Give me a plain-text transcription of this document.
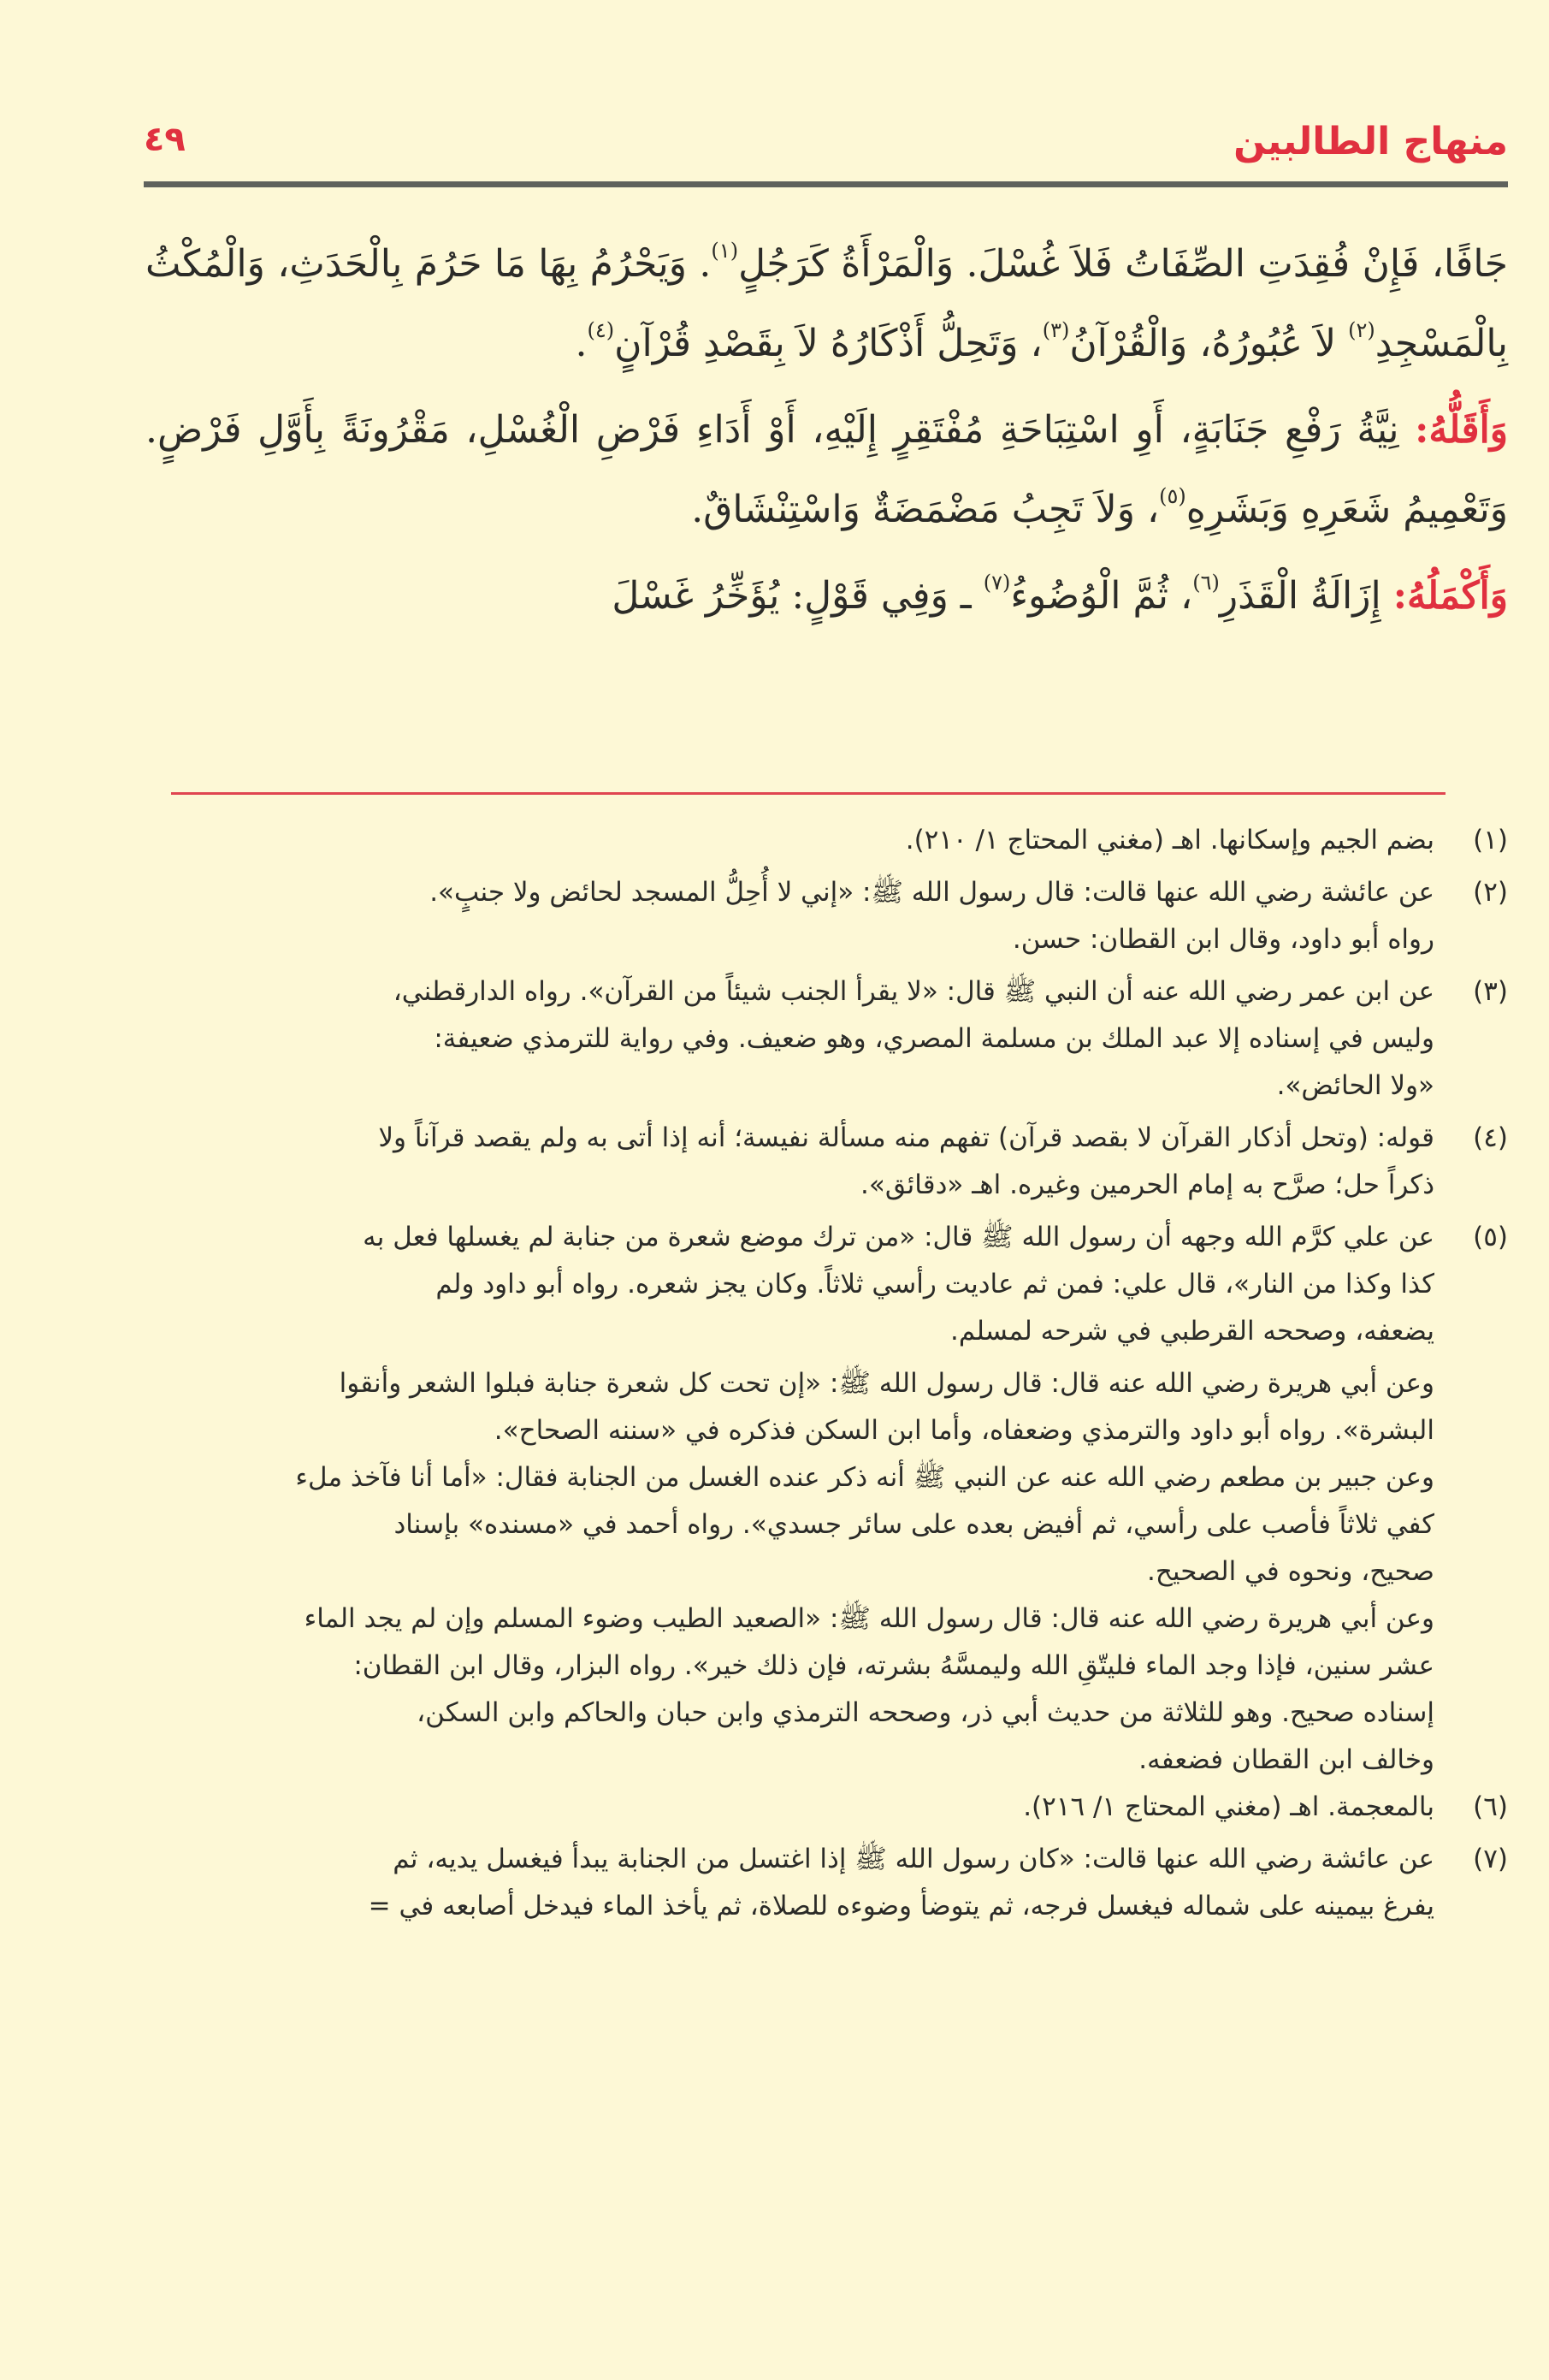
منهاج الطالبين
٤٩

جَافًا، فَإِنْ فُقِدَتِ الصِّفَاتُ فَلاَ غُسْلَ. وَالْمَرْأَةُ كَرَجُلٍ$^{(١)}$. وَيَحْرُمُ بِهَا مَا حَرُمَ بِالْحَدَثِ، وَالْمُكْثُ بِالْمَسْجِدِ$^{(٢)}$ لاَ عُبُورُهُ، وَالْقُرْآنُ$^{(٣)}$، وَتَحِلُّ أَذْكَارُهُ لاَ بِقَصْدِ قُرْآنٍ$^{(٤)}$.

وَأَقَلُّهُ: نِيَّةُ رَفْعِ جَنَابَةٍ، أَوِ اسْتِبَاحَةِ مُفْتَقِرٍ إِلَيْهِ، أَوْ أَدَاءِ فَرْضِ الْغُسْلِ، مَقْرُونَةً بِأَوَّلِ فَرْضٍ. وَتَعْمِيمُ شَعَرِهِ وَبَشَرِهِ$^{(٥)}$، وَلاَ تَجِبُ مَضْمَضَةٌ وَاسْتِنْشَاقٌ.

وَأَكْمَلُهُ: إِزَالَةُ الْقَذَرِ$^{(٦)}$، ثُمَّ الْوُضُوءُ$^{(٧)}$ ـ وَفِي قَوْلٍ: يُؤَخِّرُ غَسْلَ

(١)
بضم الجيم وإسكانها. اهـ (مغني المحتاج ١/ ٢١٠).
(٢)
عن عائشة رضي الله عنها قالت: قال رسول الله ﷺ: «إني لا أُحِلُّ المسجد لحائض ولا جنبٍ».
رواه أبو داود، وقال ابن القطان: حسن.
(٣)
عن ابن عمر رضي الله عنه أن النبي ﷺ قال: «لا يقرأ الجنب شيئاً من القرآن». رواه الدارقطني،
وليس في إسناده إلا عبد الملك بن مسلمة المصري، وهو ضعيف. وفي رواية للترمذي ضعيفة:
«ولا الحائض».
(٤)
قوله: (وتحل أذكار القرآن لا بقصد قرآن) تفهم منه مسألة نفيسة؛ أنه إذا أتى به ولم يقصد قرآناً ولا
ذكراً حل؛ صرَّح به إمام الحرمين وغيره. اهـ «دقائق».
(٥)
عن علي كرَّم الله وجهه أن رسول الله ﷺ قال: «من ترك موضع شعرة من جنابة لم يغسلها فعل به
كذا وكذا من النار»، قال علي: فمن ثم عاديت رأسي ثلاثاً. وكان يجز شعره. رواه أبو داود ولم
يضعفه، وصححه القرطبي في شرحه لمسلم.
وعن أبي هريرة رضي الله عنه قال: قال رسول الله ﷺ: «إن تحت كل شعرة جنابة فبلوا الشعر وأنقوا
البشرة». رواه أبو داود والترمذي وضعفاه، وأما ابن السكن فذكره في «سننه الصحاح».
وعن جبير بن مطعم رضي الله عنه عن النبي ﷺ أنه ذكر عنده الغسل من الجنابة فقال: «أما أنا فآخذ ملء
كفي ثلاثاً فأصب على رأسي، ثم أفيض بعده على سائر جسدي». رواه أحمد في «مسنده» بإسناد
صحيح، ونحوه في الصحيح.
وعن أبي هريرة رضي الله عنه قال: قال رسول الله ﷺ: «الصعيد الطيب وضوء المسلم وإن لم يجد الماء
عشر سنين، فإذا وجد الماء فليتّقِ الله وليمسَّهُ بشرته، فإن ذلك خير». رواه البزار، وقال ابن القطان:
إسناده صحيح. وهو للثلاثة من حديث أبي ذر، وصححه الترمذي وابن حبان والحاكم وابن السكن،
وخالف ابن القطان فضعفه.
(٦)
بالمعجمة. اهـ (مغني المحتاج ١/ ٢١٦).
(٧)
عن عائشة رضي الله عنها قالت: «كان رسول الله ﷺ إذا اغتسل من الجنابة يبدأ فيغسل يديه، ثم
يفرغ بيمينه على شماله فيغسل فرجه، ثم يتوضأ وضوءه للصلاة، ثم يأخذ الماء فيدخل أصابعه في =
